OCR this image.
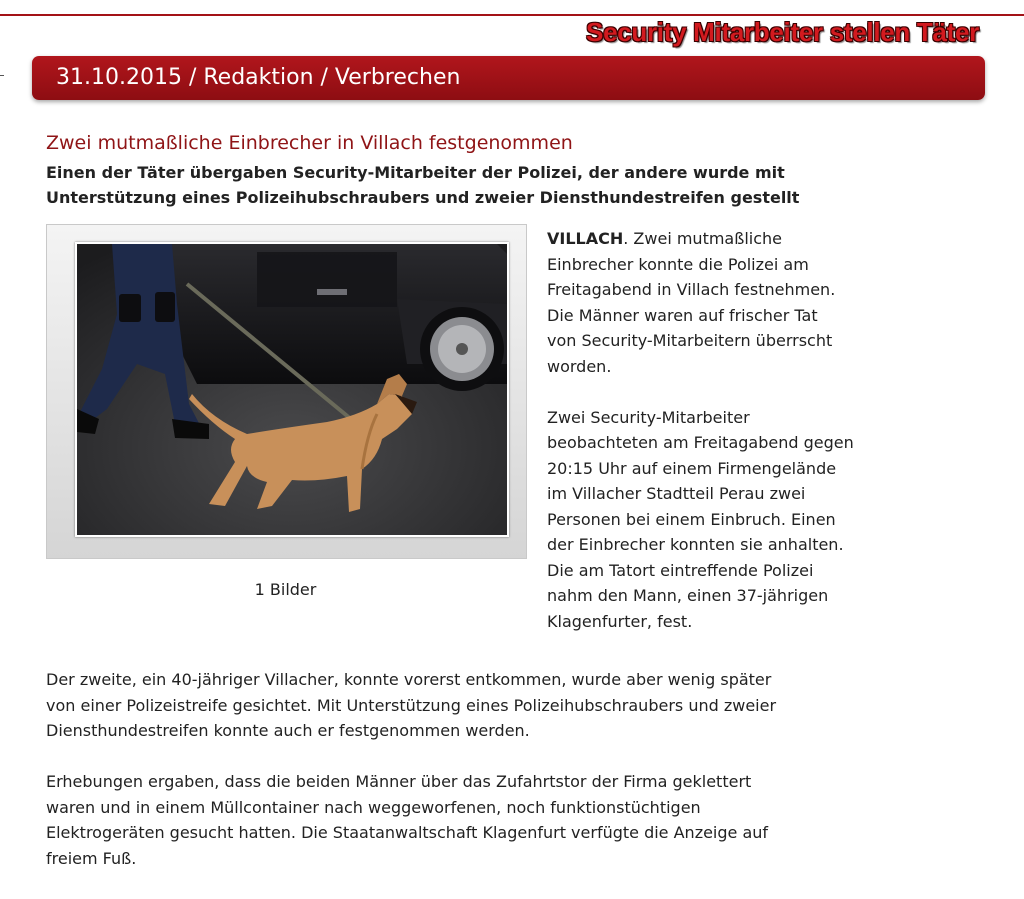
Security Mitarbeiter stellen Täter
31.10.2015 / Redaktion / Verbrechen
Zwei mutmaßliche Einbrecher in Villach festgenommen
Einen der Täter übergaben Security-Mitarbeiter der Polizei, der andere wurde mit
Unterstützung eines Polizeihubschraubers und zweier Diensthundestreifen gestellt
1 Bilder
VILLACH. Zwei mutmaßliche
Einbrecher konnte die Polizei am
Freitagabend in Villach festnehmen.
Die Männer waren auf frischer Tat
von Security-Mitarbeitern überrscht
worden.
Zwei Security-Mitarbeiter
beobachteten am Freitagabend gegen
20:15 Uhr auf einem Firmengelände
im Villacher Stadtteil Perau zwei
Personen bei einem Einbruch. Einen
der Einbrecher konnten sie anhalten.
Die am Tatort eintreffende Polizei
nahm den Mann, einen 37-jährigen
Klagenfurter, fest.
Der zweite, ein 40-jähriger Villacher, konnte vorerst entkommen, wurde aber wenig später
von einer Polizeistreife gesichtet. Mit Unterstützung eines Polizeihubschraubers und zweier
Diensthundestreifen konnte auch er festgenommen werden.
Erhebungen ergaben, dass die beiden Männer über das Zufahrtstor der Firma geklettert
waren und in einem Müllcontainer nach weggeworfenen, noch funktionstüchtigen
Elektrogeräten gesucht hatten. Die Staatanwaltschaft Klagenfurt verfügte die Anzeige auf
freiem Fuß.
